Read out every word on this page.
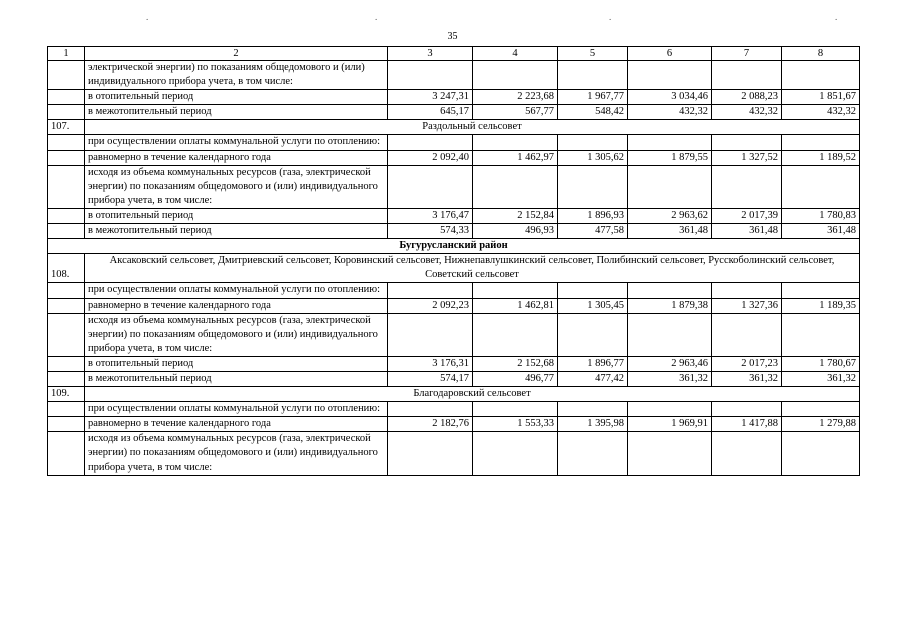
.	.	.	.
35
1	2	3	4	5	6	7	8
	электрической энергии) по показаниям общедомового и (или) индивидуального прибора учета, в том числе:						
	в отопительный период	3 247,31	2 223,68	1 967,77	3 034,46	2 088,23	1 851,67
	в межотопительный период	645,17	567,77	548,42	432,32	432,32	432,32
107.	Раздольный сельсовет						
	при осуществлении оплаты коммунальной услуги по отоплению:						
	равномерно в течение календарного года	2 092,40	1 462,97	1 305,62	1 879,55	1 327,52	1 189,52
	исходя из объема коммунальных ресурсов (газа, электрической энергии) по показаниям общедомового и (или) индивидуального прибора учета, в том числе:						
	в отопительный период	3 176,47	2 152,84	1 896,93	2 963,62	2 017,39	1 780,83
	в межотопительный период	574,33	496,93	477,58	361,48	361,48	361,48
Бугурусланский район							
108.	Аксаковский сельсовет, Дмитриевский сельсовет, Коровинский сельсовет, Нижнепавлушкинский сельсовет, Полибинский сельсовет, Русскоболинский сельсовет, Советский сельсовет						
	при осуществлении оплаты коммунальной услуги по отоплению:						
	равномерно в течение календарного года	2 092,23	1 462,81	1 305,45	1 879,38	1 327,36	1 189,35
	исходя из объема коммунальных ресурсов (газа, электрической энергии) по показаниям общедомового и (или) индивидуального прибора учета, в том числе:						
	в отопительный период	3 176,31	2 152,68	1 896,77	2 963,46	2 017,23	1 780,67
	в межотопительный период	574,17	496,77	477,42	361,32	361,32	361,32
109.	Благодаровский сельсовет						
	при осуществлении оплаты коммунальной услуги по отоплению:						
	равномерно в течение календарного года	2 182,76	1 553,33	1 395,98	1 969,91	1 417,88	1 279,88
	исходя из объема коммунальных ресурсов (газа, электрической энергии) по показаниям общедомового и (или) индивидуального прибора учета, в том числе:						
